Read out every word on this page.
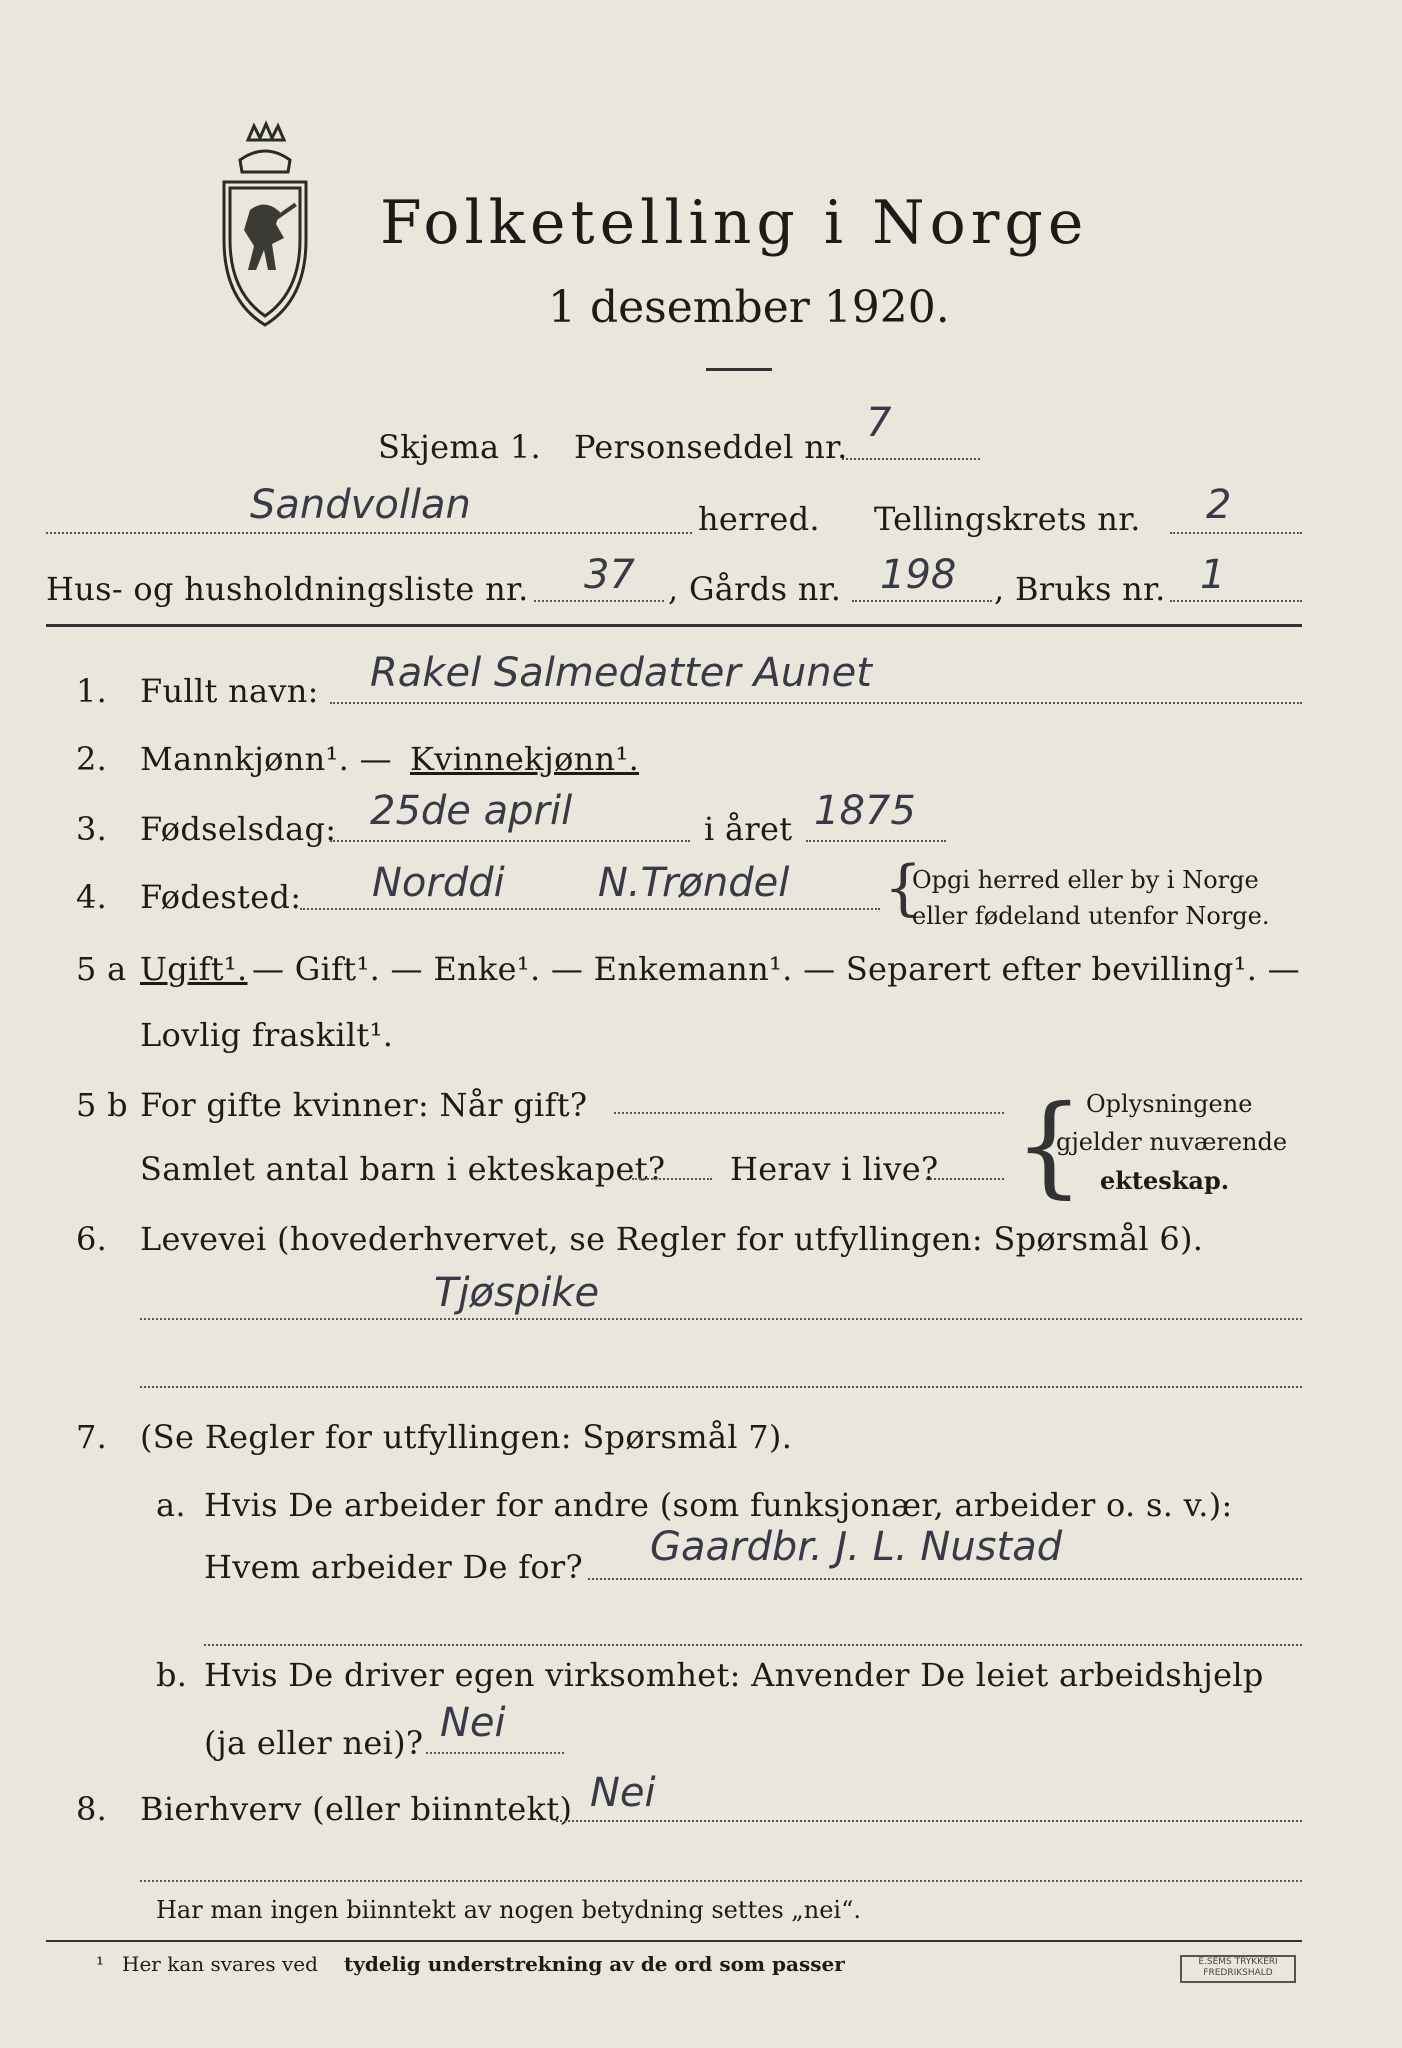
Folketelling i Norge
1 desember 1920.
Skjema 1. Personseddel nr.
7
Sandvollan	herred. Tellingskrets nr. 2
Hus- og husholdningsliste nr. 37 , Gårds nr. 198 , Bruks nr. 1
1. Fullt navn: Rakel Salmedatter Aunet
2. Mannkjønn¹. — Kvinnekjønn¹.
3. Fødselsdag: 25de april	i året 1875
4. Fødested: Norddi N.Trøndel {
Opgi herred eller by i Norge
eller fødeland utenfor Norge.
5 a Ugift¹. — Gift¹. — Enke¹. — Enkemann¹. — Separert efter bevilling¹. —
Lovlig fraskilt¹.
5 b For gifte kvinner: Når gift?
Samlet antal barn i ekteskapet? Herav i live? { Oplysningene
gjelder nuværende
ekteskap.
6. Levevei (hovederhvervet, se Regler for utfyllingen: Spørsmål 6).
Tjøspike
7. (Se Regler for utfyllingen: Spørsmål 7).
a. Hvis De arbeider for andre (som funksjonær, arbeider o. s. v.):
Hvem arbeider De for? Gaardbr. J. L. Nustad
b. Hvis De driver egen virksomhet: Anvender De leiet arbeidshjelp
(ja eller nei)? Nei
8. Bierhverv (eller biinntekt) Nei
Har man ingen biinntekt av nogen betydning settes „nei“.
¹ Her kan svares ved tydelig understrekning av de ord som passer	E.SEMS TRYKKERI FREDRIKSHALD
